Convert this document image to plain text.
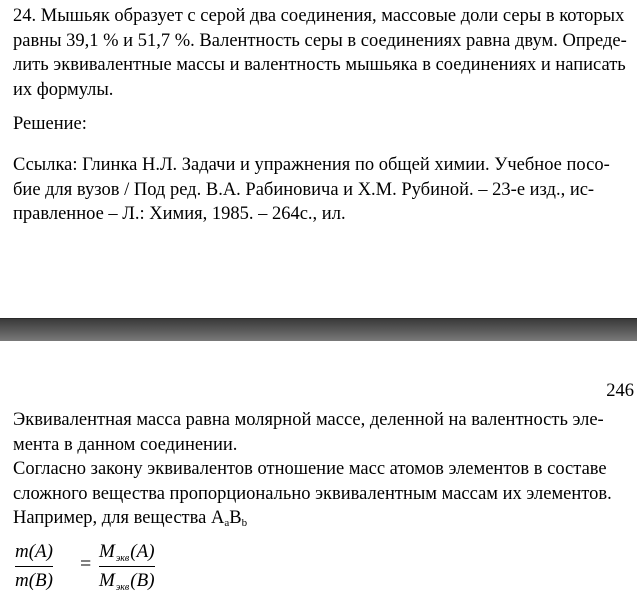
24. Мышьяк образует с серой два соединения, массовые доли серы в которых
равны 39,1 % и 51,7 %. Валентность серы в соединениях равна двум. Опреде-
лить эквивалентные массы и валентность мышьяка в соединениях и написать
их формулы.

Решение:

Ссылка: Глинка Н.Л. Задачи и упражнения по общей химии. Учебное посо-
бие для вузов / Под ред. В.А. Рабиновича и Х.М. Рубиной. – 23-е изд., ис-
правленное – Л.: Химия, 1985. – 264с., ил.

246

Эквивалентная масса равна молярной массе, деленной на валентность эле-
мента в данном соединении.
Согласно закону эквивалентов отношение масс атомов элементов в составе
сложного вещества пропорционально эквивалентным массам их элементов.
Например, для вещества $A_aB_b$

m(A)
m(B)
=
$M_{экв}(A)$
$M_{экв}(B)$
